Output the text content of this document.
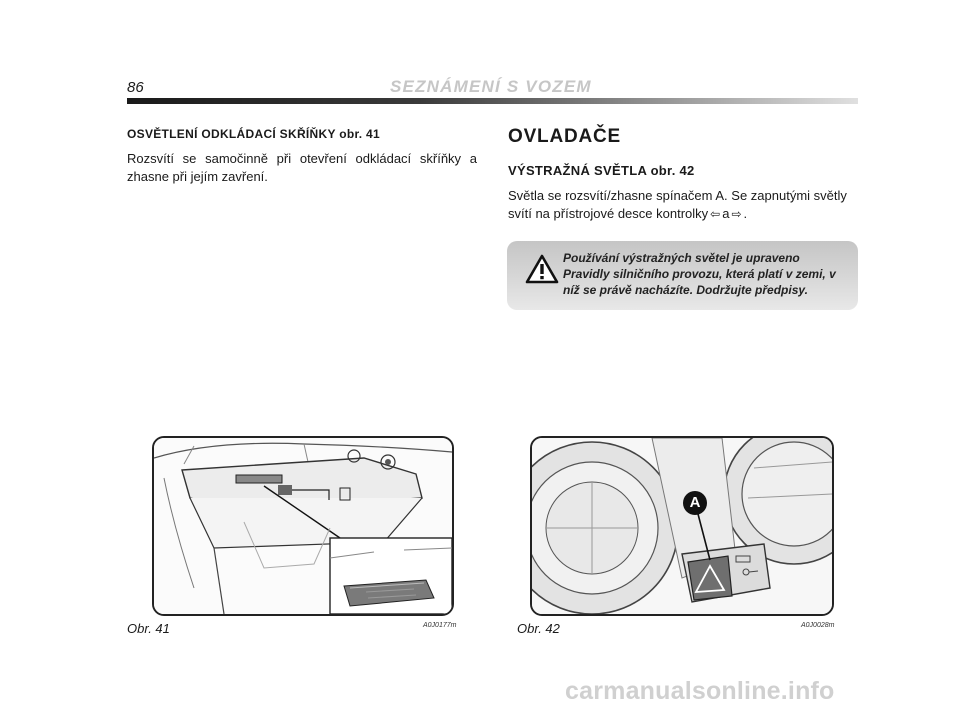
86	SEZNÁMENÍ S VOZEM
OSVĚTLENÍ ODKLÁDACÍ SKŘÍŇKY obr. 41

Rozsvítí se samočinně při otevření odkládací skříňky a zhasne při jejím zavření.

OVLADAČE
VÝSTRAŽNÁ SVĚTLA obr. 42

Světla se rozsvítí/zhasne spínačem A. Se zapnutými světly svítí na přístrojové desce kontrolky ⇦ a ⇨ .

Používání výstražných světel je upraveno Pravidly silničního provozu, která platí v zemi, v níž se právě nacházíte. Dodržujte předpisy.
Obr. 41	A0J0177m
A
Obr. 42	A0J0028m
carmanualsonline.info
